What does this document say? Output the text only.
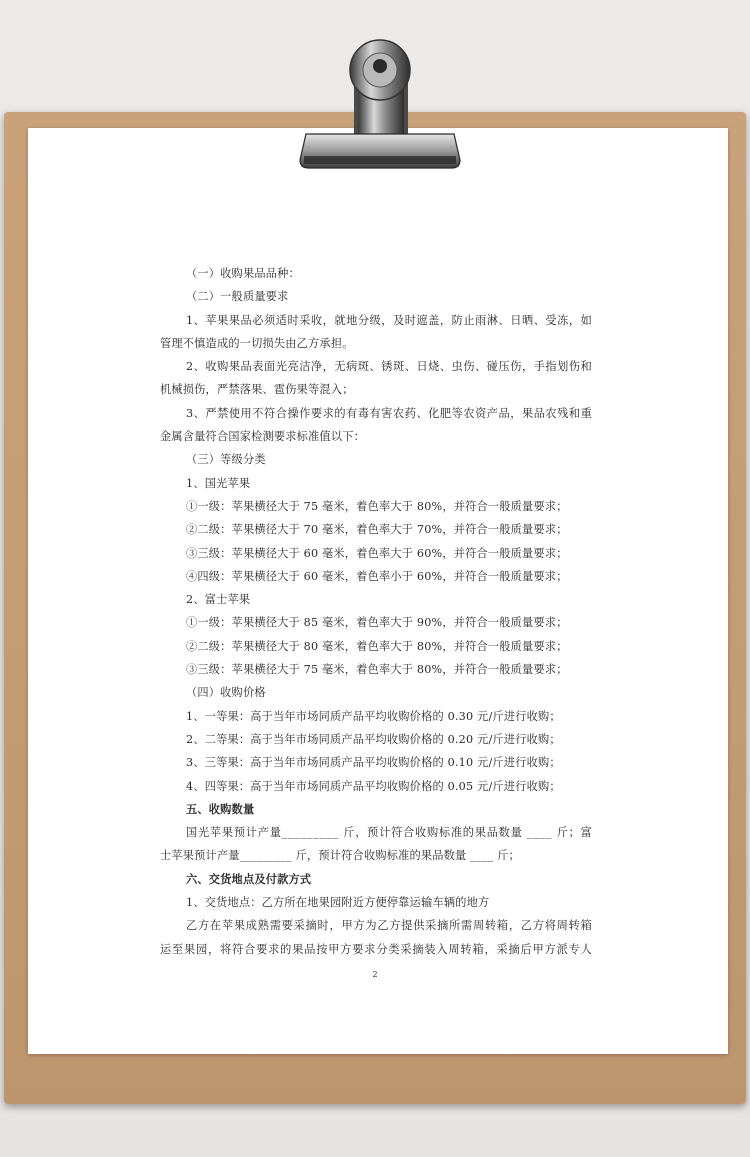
（一）收购果品品种：
（二）一般质量要求
1、苹果果品必须适时采收，就地分级，及时遮盖，防止雨淋、日晒、受冻，如
管理不慎造成的一切损失由乙方承担。
2、收购果品表面光亮洁净，无病斑、锈斑、日烧、虫伤、碰压伤，手指划伤和
机械损伤，严禁落果、雹伤果等混入；
3、严禁使用不符合操作要求的有毒有害农药、化肥等农资产品，果品农残和重
金属含量符合国家检测要求标准值以下：
（三）等级分类
1、国光苹果
①一级：苹果横径大于 75 毫米，着色率大于 80%，并符合一般质量要求；
②二级：苹果横径大于 70 毫米，着色率大于 70%，并符合一般质量要求；
③三级：苹果横径大于 60 毫米，着色率大于 60%，并符合一般质量要求；
④四级：苹果横径大于 60 毫米，着色率小于 60%，并符合一般质量要求；
2、富士苹果
①一级：苹果横径大于 85 毫米，着色率大于 90%，并符合一般质量要求；
②二级：苹果横径大于 80 毫米，着色率大于 80%，并符合一般质量要求；
③三级：苹果横径大于 75 毫米，着色率大于 80%，并符合一般质量要求；
（四）收购价格
1、一等果：高于当年市场同质产品平均收购价格的 0.30 元/斤进行收购；
2、二等果：高于当年市场同质产品平均收购价格的 0.20 元/斤进行收购；
3、三等果：高于当年市场同质产品平均收购价格的 0.10 元/斤进行收购；
4、四等果：高于当年市场同质产品平均收购价格的 0.05 元/斤进行收购；
五、收购数量
国光苹果预计产量_________ 斤，预计符合收购标准的果品数量 ____ 斤；富
士苹果预计产量_________ 斤，预计符合收购标准的果品数量 ____ 斤；
六、交货地点及付款方式
1、交货地点：乙方所在地果园附近方便停靠运输车辆的地方
乙方在苹果成熟需要采摘时，甲方为乙方提供采摘所需周转箱，乙方将周转箱
运至果园，将符合要求的果品按甲方要求分类采摘装入周转箱，采摘后甲方派专人
2
